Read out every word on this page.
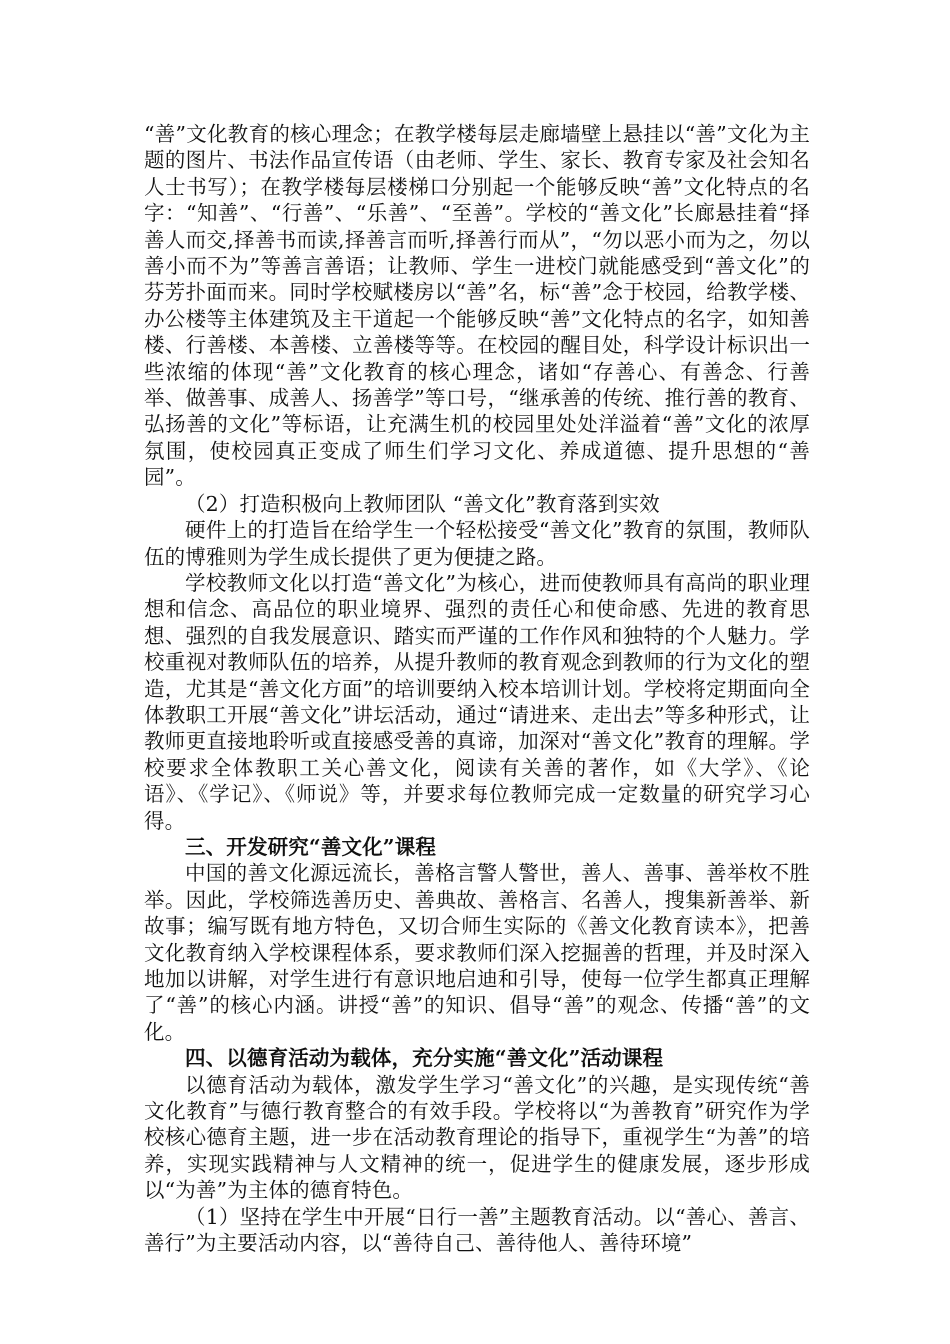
“善”文化教育的核心理念；在教学楼每层走廊墙壁上悬挂以“善”文化为主题的图片、书法作品宣传语（由老师、学生、家长、教育专家及社会知名人士书写）；在教学楼每层楼梯口分别起一个能够反映“善”文化特点的名字：“知善”、“行善”、“乐善”、“至善”。学校的“善文化”长廊悬挂着“择善人而交,择善书而读,择善言而听,择善行而从”，“勿以恶小而为之，勿以善小而不为”等善言善语；让教师、学生一进校门就能感受到“善文化”的芬芳扑面而来。同时学校赋楼房以“善”名，标“善”念于校园，给教学楼、办公楼等主体建筑及主干道起一个能够反映“善”文化特点的名字，如知善楼、行善楼、本善楼、立善楼等等。在校园的醒目处，科学设计标识出一些浓缩的体现“善”文化教育的核心理念，诸如“存善心、有善念、行善举、做善事、成善人、扬善学”等口号，“继承善的传统、推行善的教育、弘扬善的文化”等标语，让充满生机的校园里处处洋溢着“善”文化的浓厚氛围，使校园真正变成了师生们学习文化、养成道德、提升思想的“善园”。

（2）打造积极向上教师团队 “善文化”教育落到实效

硬件上的打造旨在给学生一个轻松接受“善文化”教育的氛围，教师队伍的博雅则为学生成长提供了更为便捷之路。

学校教师文化以打造“善文化”为核心，进而使教师具有高尚的职业理想和信念、高品位的职业境界、强烈的责任心和使命感、先进的教育思想、强烈的自我发展意识、踏实而严谨的工作作风和独特的个人魅力。学校重视对教师队伍的培养，从提升教师的教育观念到教师的行为文化的塑造，尤其是“善文化方面”的培训要纳入校本培训计划。学校将定期面向全体教职工开展“善文化”讲坛活动，通过“请进来、走出去”等多种形式，让教师更直接地聆听或直接感受善的真谛，加深对“善文化”教育的理解。学校要求全体教职工关心善文化，阅读有关善的著作，如《大学》、《论语》、《学记》、《师说》等，并要求每位教师完成一定数量的研究学习心得。

三、开发研究“善文化”课程

中国的善文化源远流长，善格言警人警世，善人、善事、善举枚不胜举。因此，学校筛选善历史、善典故、善格言、名善人，搜集新善举、新故事；编写既有地方特色，又切合师生实际的《善文化教育读本》，把善文化教育纳入学校课程体系，要求教师们深入挖掘善的哲理，并及时深入地加以讲解，对学生进行有意识地启迪和引导，使每一位学生都真正理解了“善”的核心内涵。讲授“善”的知识、倡导“善”的观念、传播“善”的文化。

四、以德育活动为载体，充分实施“善文化”活动课程

以德育活动为载体，激发学生学习“善文化”的兴趣，是实现传统“善文化教育”与德行教育整合的有效手段。学校将以“为善教育”研究作为学校核心德育主题，进一步在活动教育理论的指导下，重视学生“为善”的培养，实现实践精神与人文精神的统一，促进学生的健康发展，逐步形成以“为善”为主体的德育特色。

（1）坚持在学生中开展“日行一善”主题教育活动。以“善心、善言、善行”为主要活动内容，以“善待自己、善待他人、善待环境”
